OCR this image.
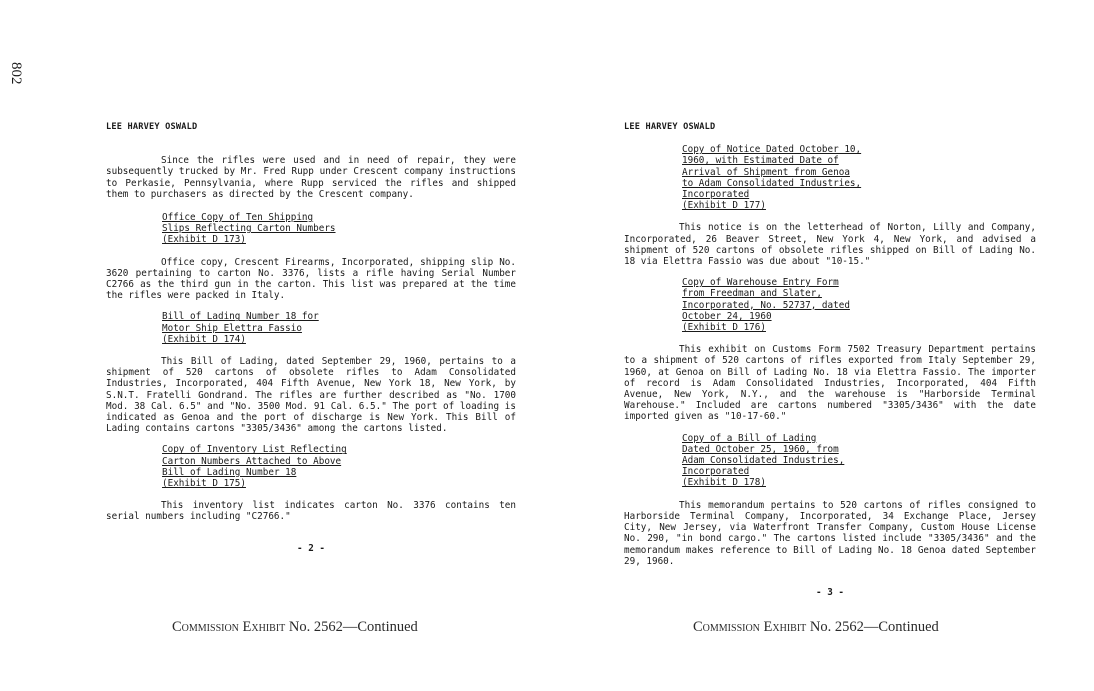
802
LEE HARVEY OSWALD

Since the rifles were used and in need of repair, they were subsequently trucked by Mr. Fred Rupp under Crescent company instructions to Perkasie, Pennsylvania, where Rupp serviced the rifles and shipped them to purchasers as directed by the Crescent company.

Office Copy of Ten Shipping
Slips Reflecting Carton Numbers
(Exhibit D 173)

Office copy, Crescent Firearms, Incorporated, shipping slip No. 3620 pertaining to carton No. 3376, lists a rifle having Serial Number C2766 as the third gun in the carton. This list was prepared at the time the rifles were packed in Italy.

Bill of Lading Number 18 for
Motor Ship Elettra Fassio
(Exhibit D 174)

This Bill of Lading, dated September 29, 1960, pertains to a shipment of 520 cartons of obsolete rifles to Adam Consolidated Industries, Incorporated, 404 Fifth Avenue, New York 18, New York, by S.N.T. Fratelli Gondrand. The rifles are further described as "No. 1700 Mod. 38 Cal. 6.5" and "No. 3500 Mod. 91 Cal. 6.5." The port of loading is indicated as Genoa and the port of discharge is New York. This Bill of Lading contains cartons "3305/3436" among the cartons listed.

Copy of Inventory List Reflecting
Carton Numbers Attached to Above
Bill of Lading Number 18
(Exhibit D 175)

This inventory list indicates carton No. 3376 contains ten serial numbers including "C2766."

- 2 -
LEE HARVEY OSWALD
Copy of Notice Dated October 10,
1960, with Estimated Date of
Arrival of Shipment from Genoa
to Adam Consolidated Industries,
Incorporated
(Exhibit D 177)

This notice is on the letterhead of Norton, Lilly and Company, Incorporated, 26 Beaver Street, New York 4, New York, and advised a shipment of 520 cartons of obsolete rifles shipped on Bill of Lading No. 18 via Elettra Fassio was due about "10-15."

Copy of Warehouse Entry Form
from Freedman and Slater,
Incorporated, No. 52737, dated
October 24, 1960
(Exhibit D 176)

This exhibit on Customs Form 7502 Treasury Department pertains to a shipment of 520 cartons of rifles exported from Italy September 29, 1960, at Genoa on Bill of Lading No. 18 via Elettra Fassio. The importer of record is Adam Consolidated Industries, Incorporated, 404 Fifth Avenue, New York, N.Y., and the warehouse is "Harborside Terminal Warehouse." Included are cartons numbered "3305/3436" with the date imported given as "10-17-60."

Copy of a Bill of Lading
Dated October 25, 1960, from
Adam Consolidated Industries,
Incorporated
(Exhibit D 178)

This memorandum pertains to 520 cartons of rifles consigned to Harborside Terminal Company, Incorporated, 34 Exchange Place, Jersey City, New Jersey, via Waterfront Transfer Company, Custom House License No. 290, "in bond cargo." The cartons listed include "3305/3436" and the memorandum makes reference to Bill of Lading No. 18 Genoa dated September 29, 1960.

- 3 -
Commission Exhibit No. 2562—Continued	Commission Exhibit No. 2562—Continued
